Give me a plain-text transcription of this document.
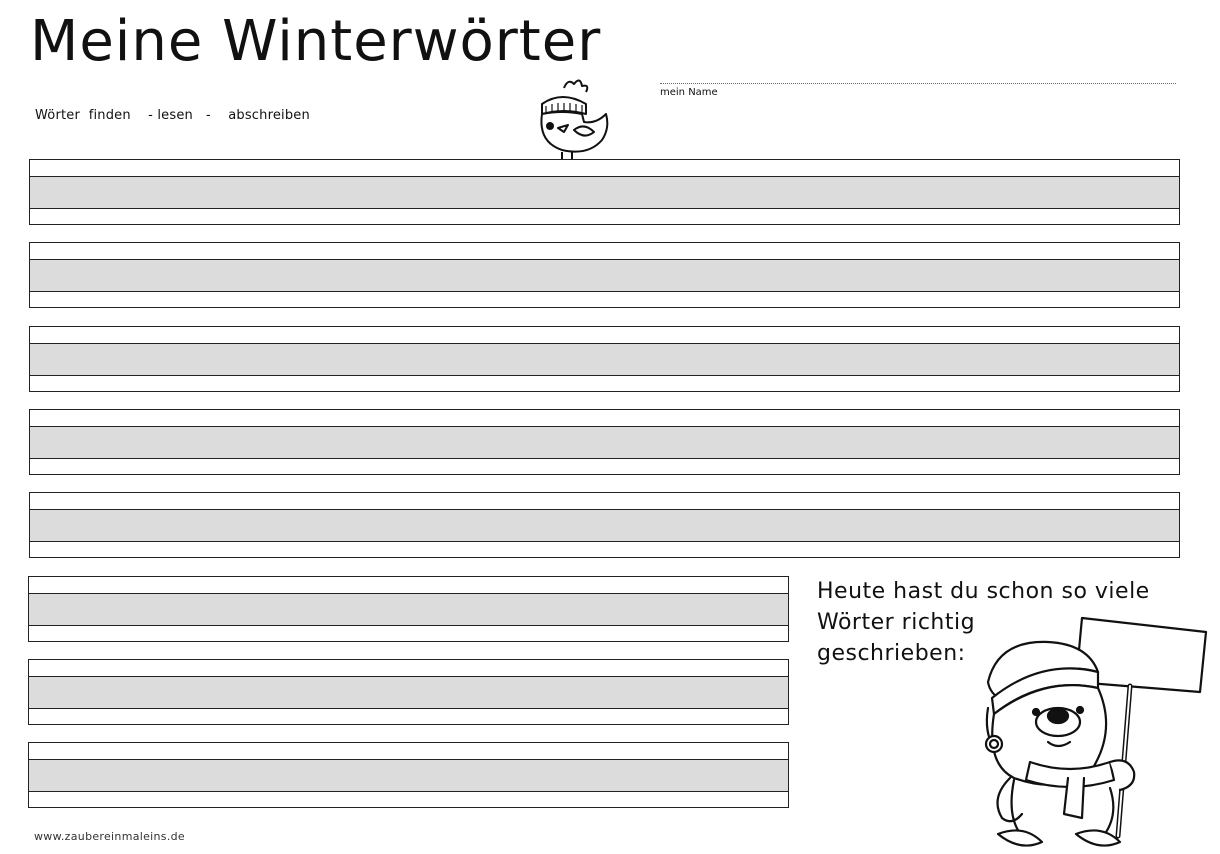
Meine Winterwörter
Wörter  finden    - lesen   -    abschreiben
mein Name
Heute hast du schon so viele
Wörter richtig
geschrieben:
www.zaubereinmaleins.de
